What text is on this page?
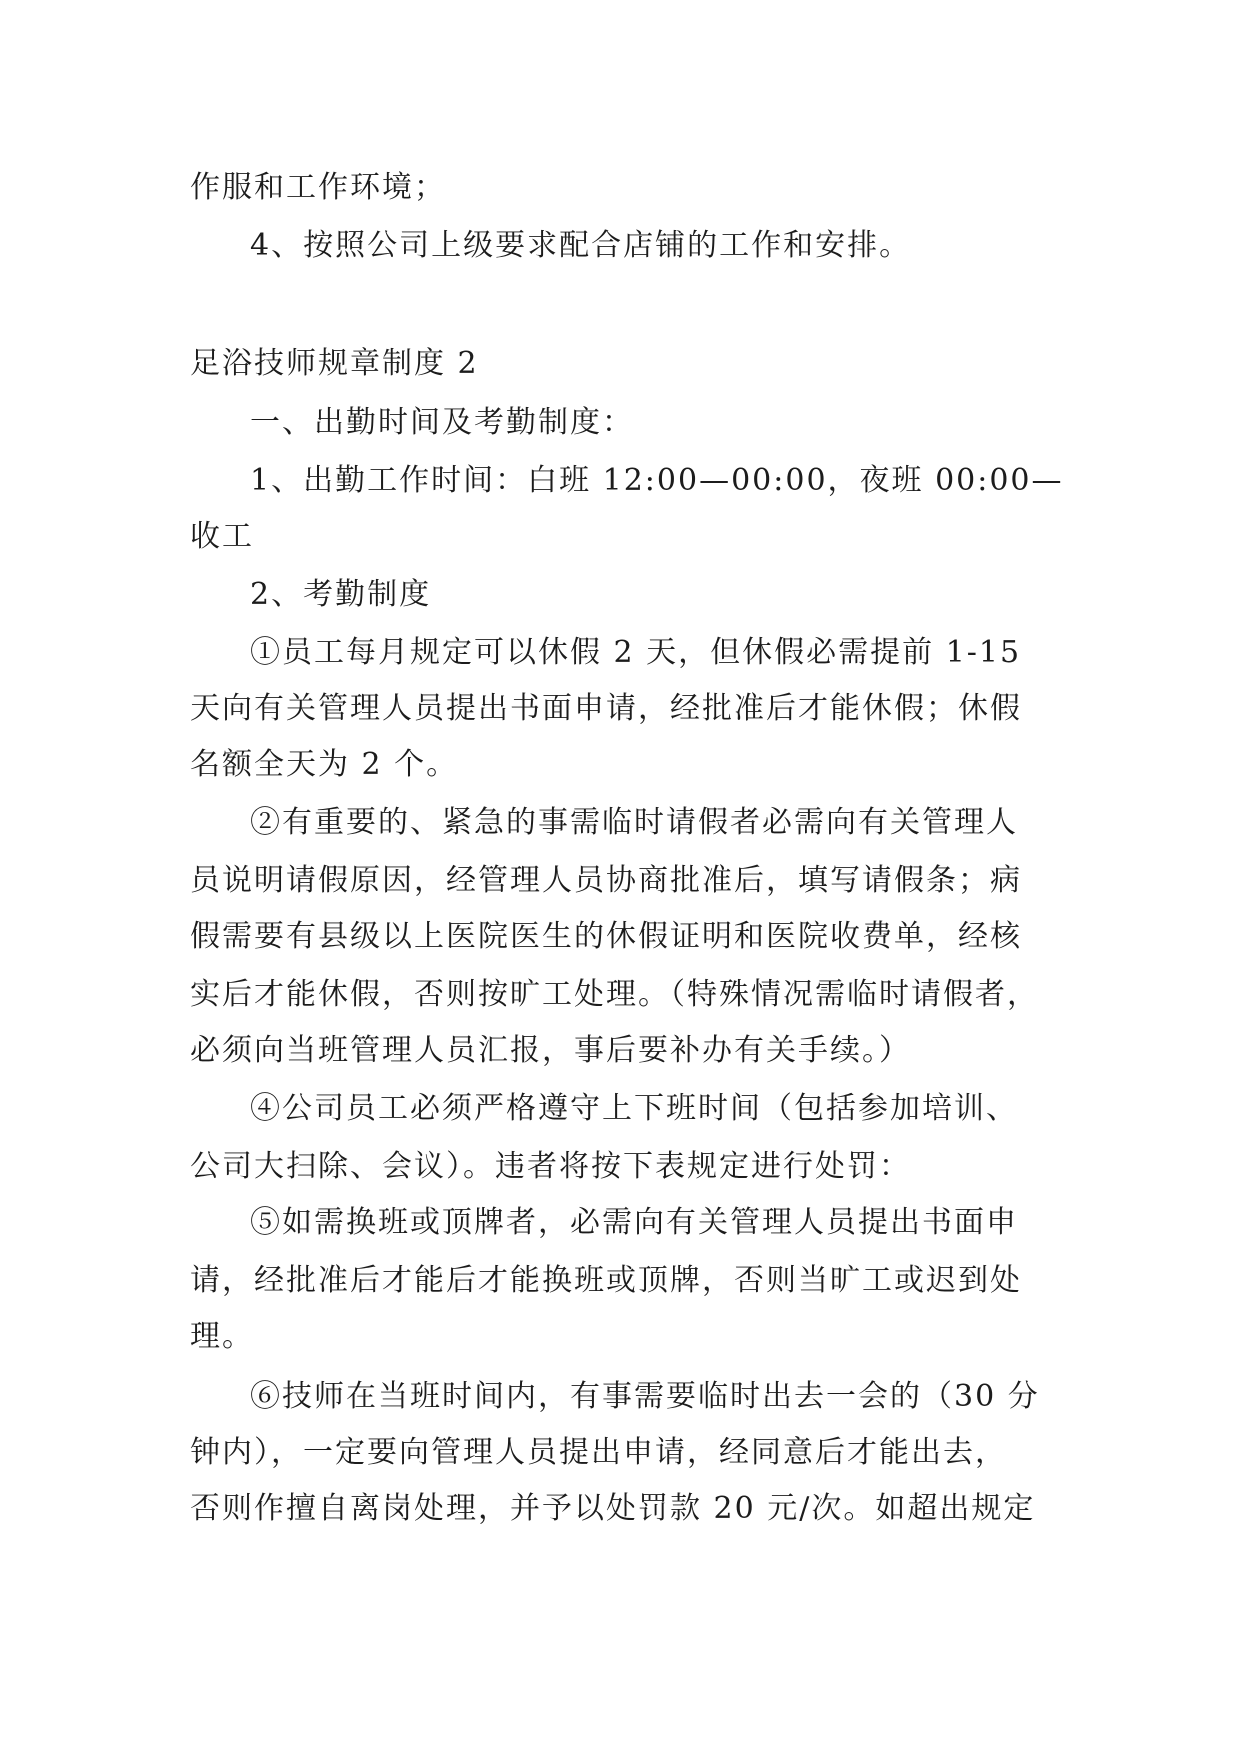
作服和工作环境；
4、按照公司上级要求配合店铺的工作和安排。
足浴技师规章制度 2
一、出勤时间及考勤制度：
1、出勤工作时间：白班 12:00—00:00，夜班 00:00—
收工
2、考勤制度
①员工每月规定可以休假 2 天，但休假必需提前 1-15
天向有关管理人员提出书面申请，经批准后才能休假；休假
名额全天为 2 个。
②有重要的、紧急的事需临时请假者必需向有关管理人
员说明请假原因，经管理人员协商批准后，填写请假条；病
假需要有县级以上医院医生的休假证明和医院收费单，经核
实后才能休假，否则按旷工处理。（特殊情况需临时请假者，
必须向当班管理人员汇报，事后要补办有关手续。）
④公司员工必须严格遵守上下班时间（包括参加培训、
公司大扫除、会议）。违者将按下表规定进行处罚：
⑤如需换班或顶牌者，必需向有关管理人员提出书面申
请，经批准后才能后才能换班或顶牌，否则当旷工或迟到处
理。
⑥技师在当班时间内，有事需要临时出去一会的（30 分
钟内），一定要向管理人员提出申请，经同意后才能出去，
否则作擅自离岗处理，并予以处罚款 20 元/次。如超出规定
